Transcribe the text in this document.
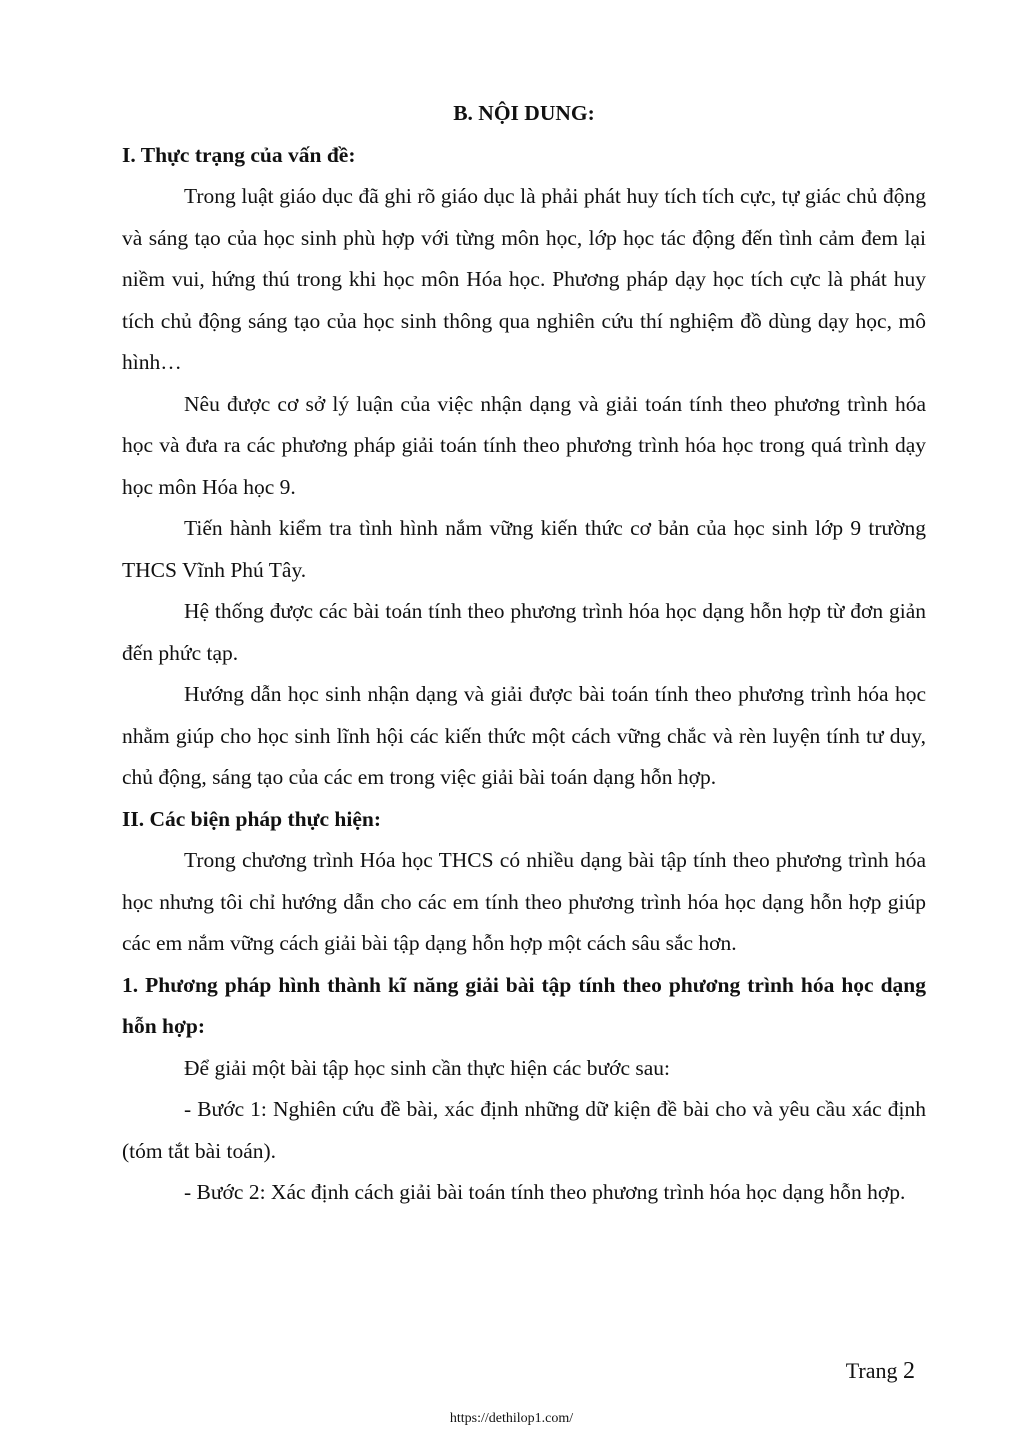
B. NỘI DUNG:

I. Thực trạng của vấn đề:

Trong luật giáo dục đã ghi rõ giáo dục là phải phát huy tích tích cực, tự giác chủ động và sáng tạo của học sinh phù hợp với từng môn học, lớp học tác động đến tình cảm đem lại niềm vui, hứng thú trong khi học môn Hóa học. Phương pháp dạy học tích cực là phát huy tích chủ động sáng tạo của học sinh thông qua nghiên cứu thí nghiệm đồ dùng dạy học, mô hình…

Nêu được cơ sở lý luận của việc nhận dạng và giải toán tính theo phương trình hóa học và đưa ra các phương pháp giải toán tính theo phương trình hóa học trong quá trình dạy học môn Hóa học 9.

Tiến hành kiểm tra tình hình nắm vững kiến thức cơ bản của học sinh lớp 9 trường THCS Vĩnh Phú Tây.

Hệ thống được các bài toán tính theo phương trình hóa học dạng hỗn hợp từ đơn giản đến phức tạp.

Hướng dẫn học sinh nhận dạng và giải được bài toán tính theo phương trình hóa học nhằm giúp cho học sinh lĩnh hội các kiến thức một cách vững chắc và rèn luyện tính tư duy, chủ động, sáng tạo của các em trong việc giải bài toán dạng hỗn hợp.

II. Các biện pháp thực hiện:

Trong chương trình Hóa học THCS có nhiều dạng bài tập tính theo phương trình hóa học nhưng tôi chỉ hướng dẫn cho các em tính theo phương trình hóa học dạng hỗn hợp giúp các em nắm vững cách giải bài tập dạng hỗn hợp một cách sâu sắc hơn.

1. Phương pháp hình thành kĩ năng giải bài tập tính theo phương trình hóa học dạng hỗn hợp:

Để giải một bài tập học sinh cần thực hiện các bước sau:

- Bước 1: Nghiên cứu đề bài, xác định những dữ kiện đề bài cho và yêu cầu xác định (tóm tắt bài toán).

- Bước 2: Xác định cách giải bài toán tính theo phương trình hóa học dạng hỗn hợp.

Trang 2
https://dethilop1.com/
